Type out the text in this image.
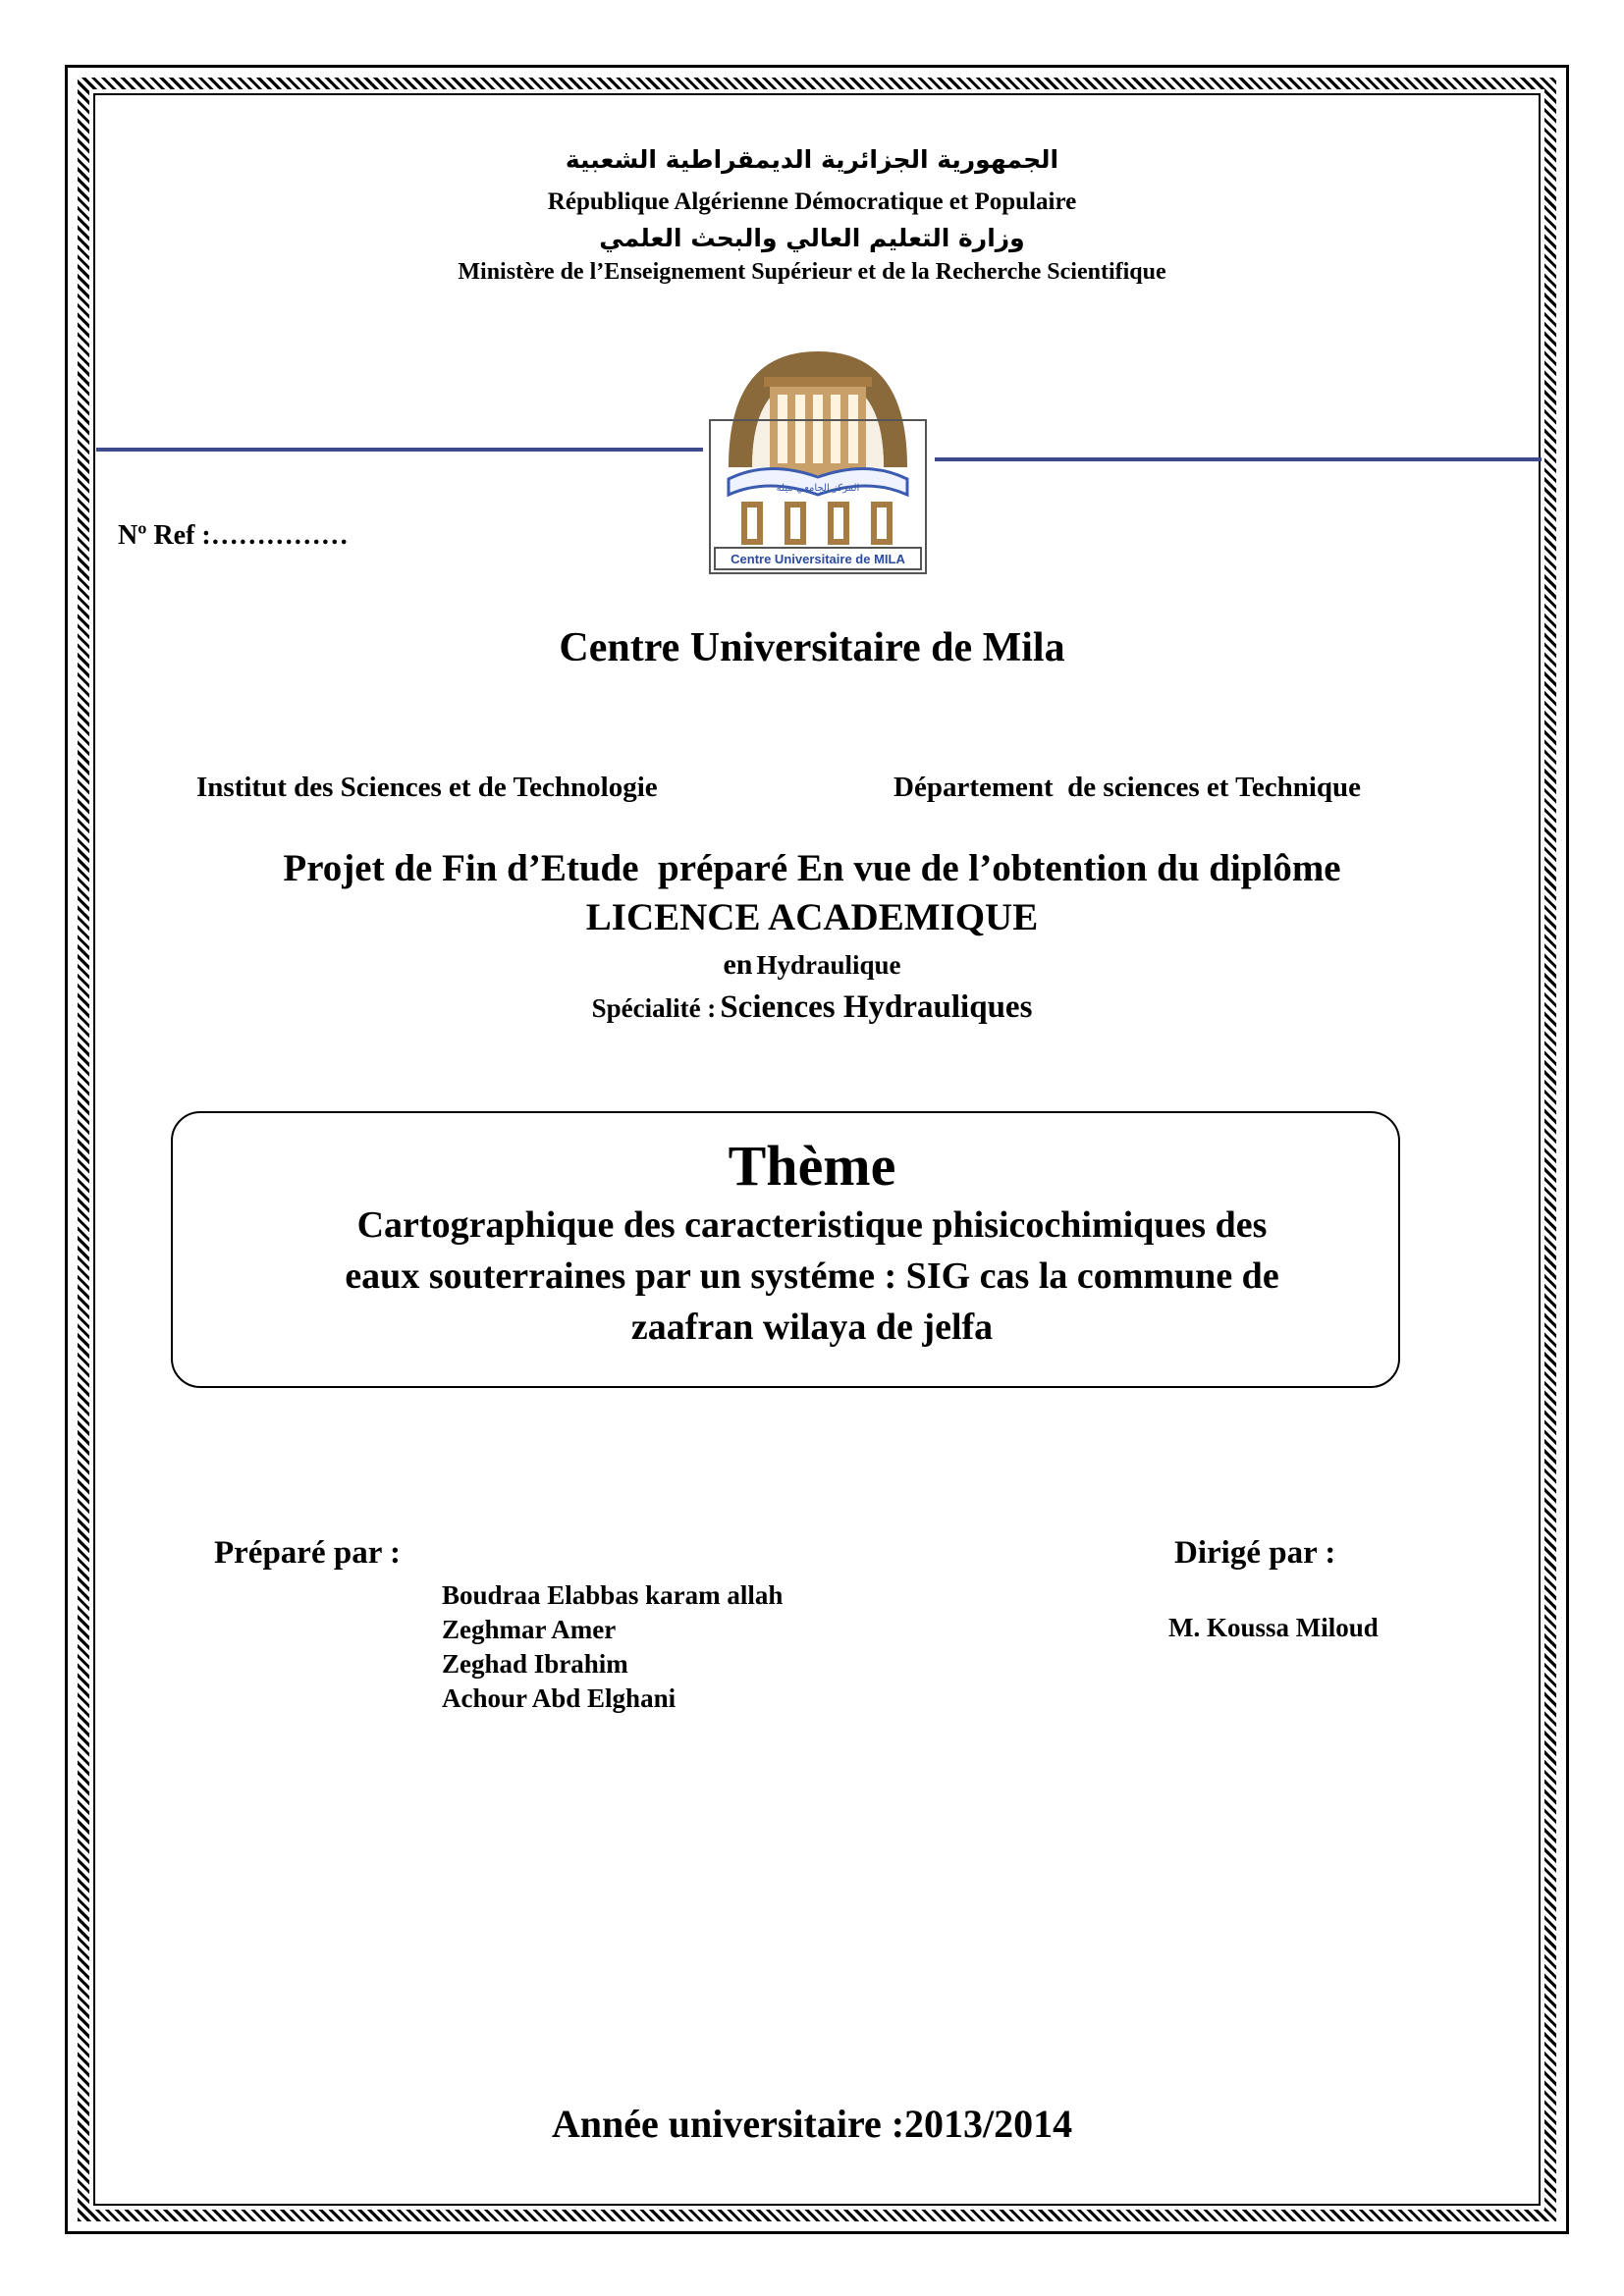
الجمهورية الجزائرية الديمقراطية الشعبية
République Algérienne Démocratique et Populaire
وزارة التعليم العالي والبحث العلمي
Ministère de l’Enseignement Supérieur et de la Recherche Scientifique
المركز الجامعي ميلة
Centre Universitaire de MILA
Nº Ref :……………
Centre Universitaire de Mila
Institut des Sciences et de Technologie	Département  de sciences et Technique
Projet de Fin d’Etude  préparé En vue de l’obtention du diplôme
LICENCE ACADEMIQUE
en Hydraulique
Spécialité : Sciences Hydrauliques
Thème
Cartographique des caracteristique phisicochimiques des
eaux souterraines par un systéme : SIG cas la commune de
zaafran wilaya de jelfa
Préparé par :
Boudraa Elabbas karam allah
Zeghmar Amer
Zeghad Ibrahim
Achour Abd Elghani
Dirigé par :
M. Koussa Miloud
Année universitaire :2013/2014
